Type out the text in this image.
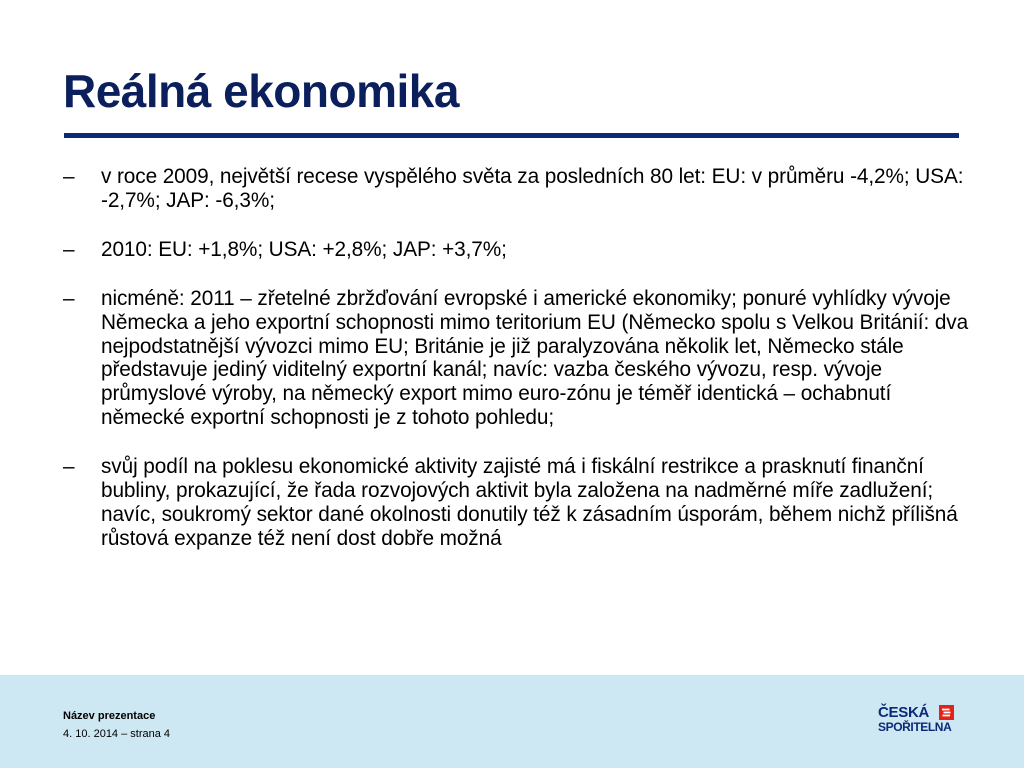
Reálná ekonomika
–	v roce 2009, největší recese vyspělého světa za posledních 80 let: EU: v průměru -4,2%; USA: -2,7%; JAP: -6,3%;
–	2010: EU: +1,8%; USA: +2,8%; JAP: +3,7%;
–	nicméně: 2011 – zřetelné zbržďování evropské i americké ekonomiky; ponuré vyhlídky vývoje Německa a jeho exportní schopnosti mimo teritorium EU (Německo spolu s Velkou Británií: dva nejpodstatnější vývozci mimo EU; Británie je již paralyzována několik let, Německo stále představuje jediný viditelný exportní kanál; navíc: vazba českého vývozu, resp. vývoje průmyslové výroby, na německý export mimo euro-zónu je téměř identická – ochabnutí německé exportní schopnosti je z tohoto pohledu;
–	svůj podíl na poklesu ekonomické aktivity zajisté má i fiskální restrikce a prasknutí finanční bubliny, prokazující, že řada rozvojových aktivit byla založena na nadměrné míře zadlužení; navíc, soukromý sektor dané okolnosti donutily též k zásadním úsporám, během nichž přílišná růstová expanze též není dost dobře možná
Název prezentace
4. 10. 2014 – strana 4
ČESKÁ
SPOŘITELNA
